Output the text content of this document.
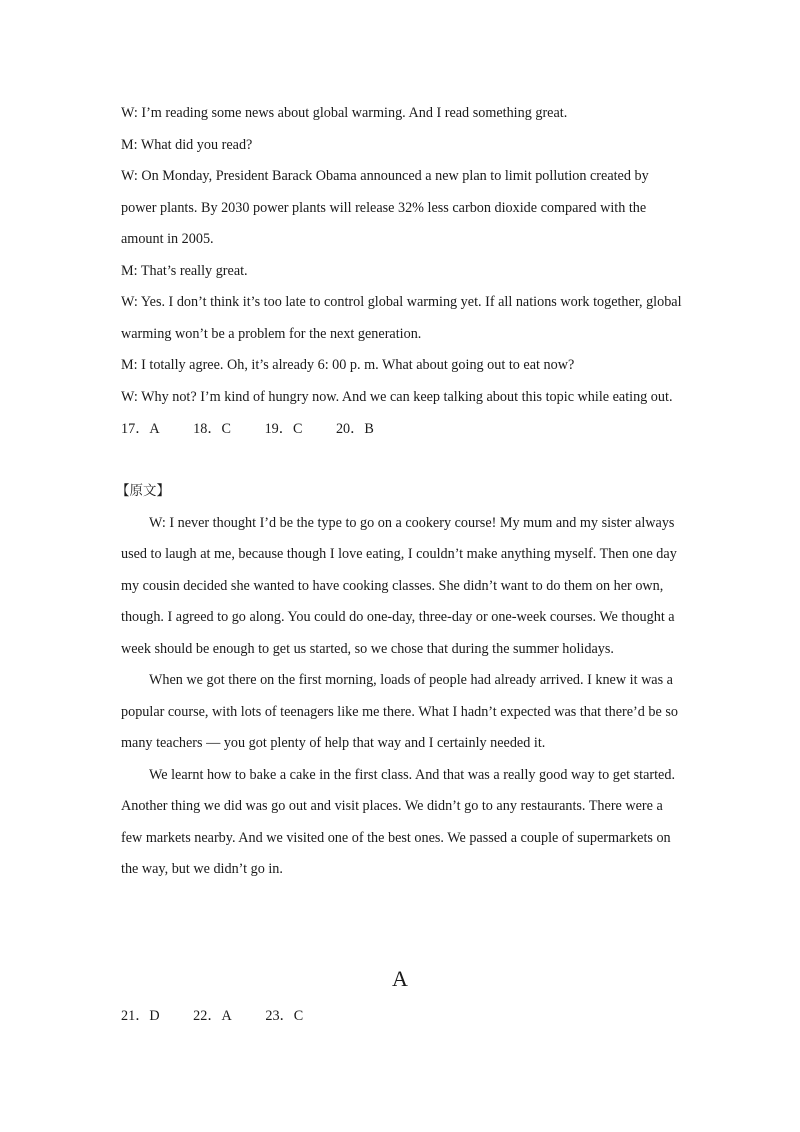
W: I’m reading some news about global warming. And I read something great.
M: What did you read?
W: On Monday, President Barack Obama announced a new plan to limit pollution created by
power plants. By 2030 power plants will release 32% less carbon dioxide compared with the
amount in 2005.
M: That’s really great.
W: Yes. I don’t think it’s too late to control global warming yet. If all nations work together, global
warming won’t be a problem for the next generation.
M: I totally agree. Oh, it’s already 6: 00 p. m. What about going out to eat now?
W: Why not? I’m kind of hungry now. And we can keep talking about this topic while eating out.
17．A 18．C 19．C 20．B
【原文】
W: I never thought I’d be the type to go on a cookery course! My mum and my sister always
used to laugh at me, because though I love eating, I couldn’t make anything myself. Then one day
my cousin decided she wanted to have cooking classes. She didn’t want to do them on her own,
though. I agreed to go along. You could do one-day, three-day or one-week courses. We thought a
week should be enough to get us started, so we chose that during the summer holidays.
When we got there on the first morning, loads of people had already arrived. I knew it was a
popular course, with lots of teenagers like me there. What I hadn’t expected was that there’d be so
many teachers — you got plenty of help that way and I certainly needed it.
We learnt how to bake a cake in the first class. And that was a really good way to get started.
Another thing we did was go out and visit places. We didn’t go to any restaurants. There were a
few markets nearby. And we visited one of the best ones. We passed a couple of supermarkets on
the way, but we didn’t go in.
A
21．D 22．A 23．C
